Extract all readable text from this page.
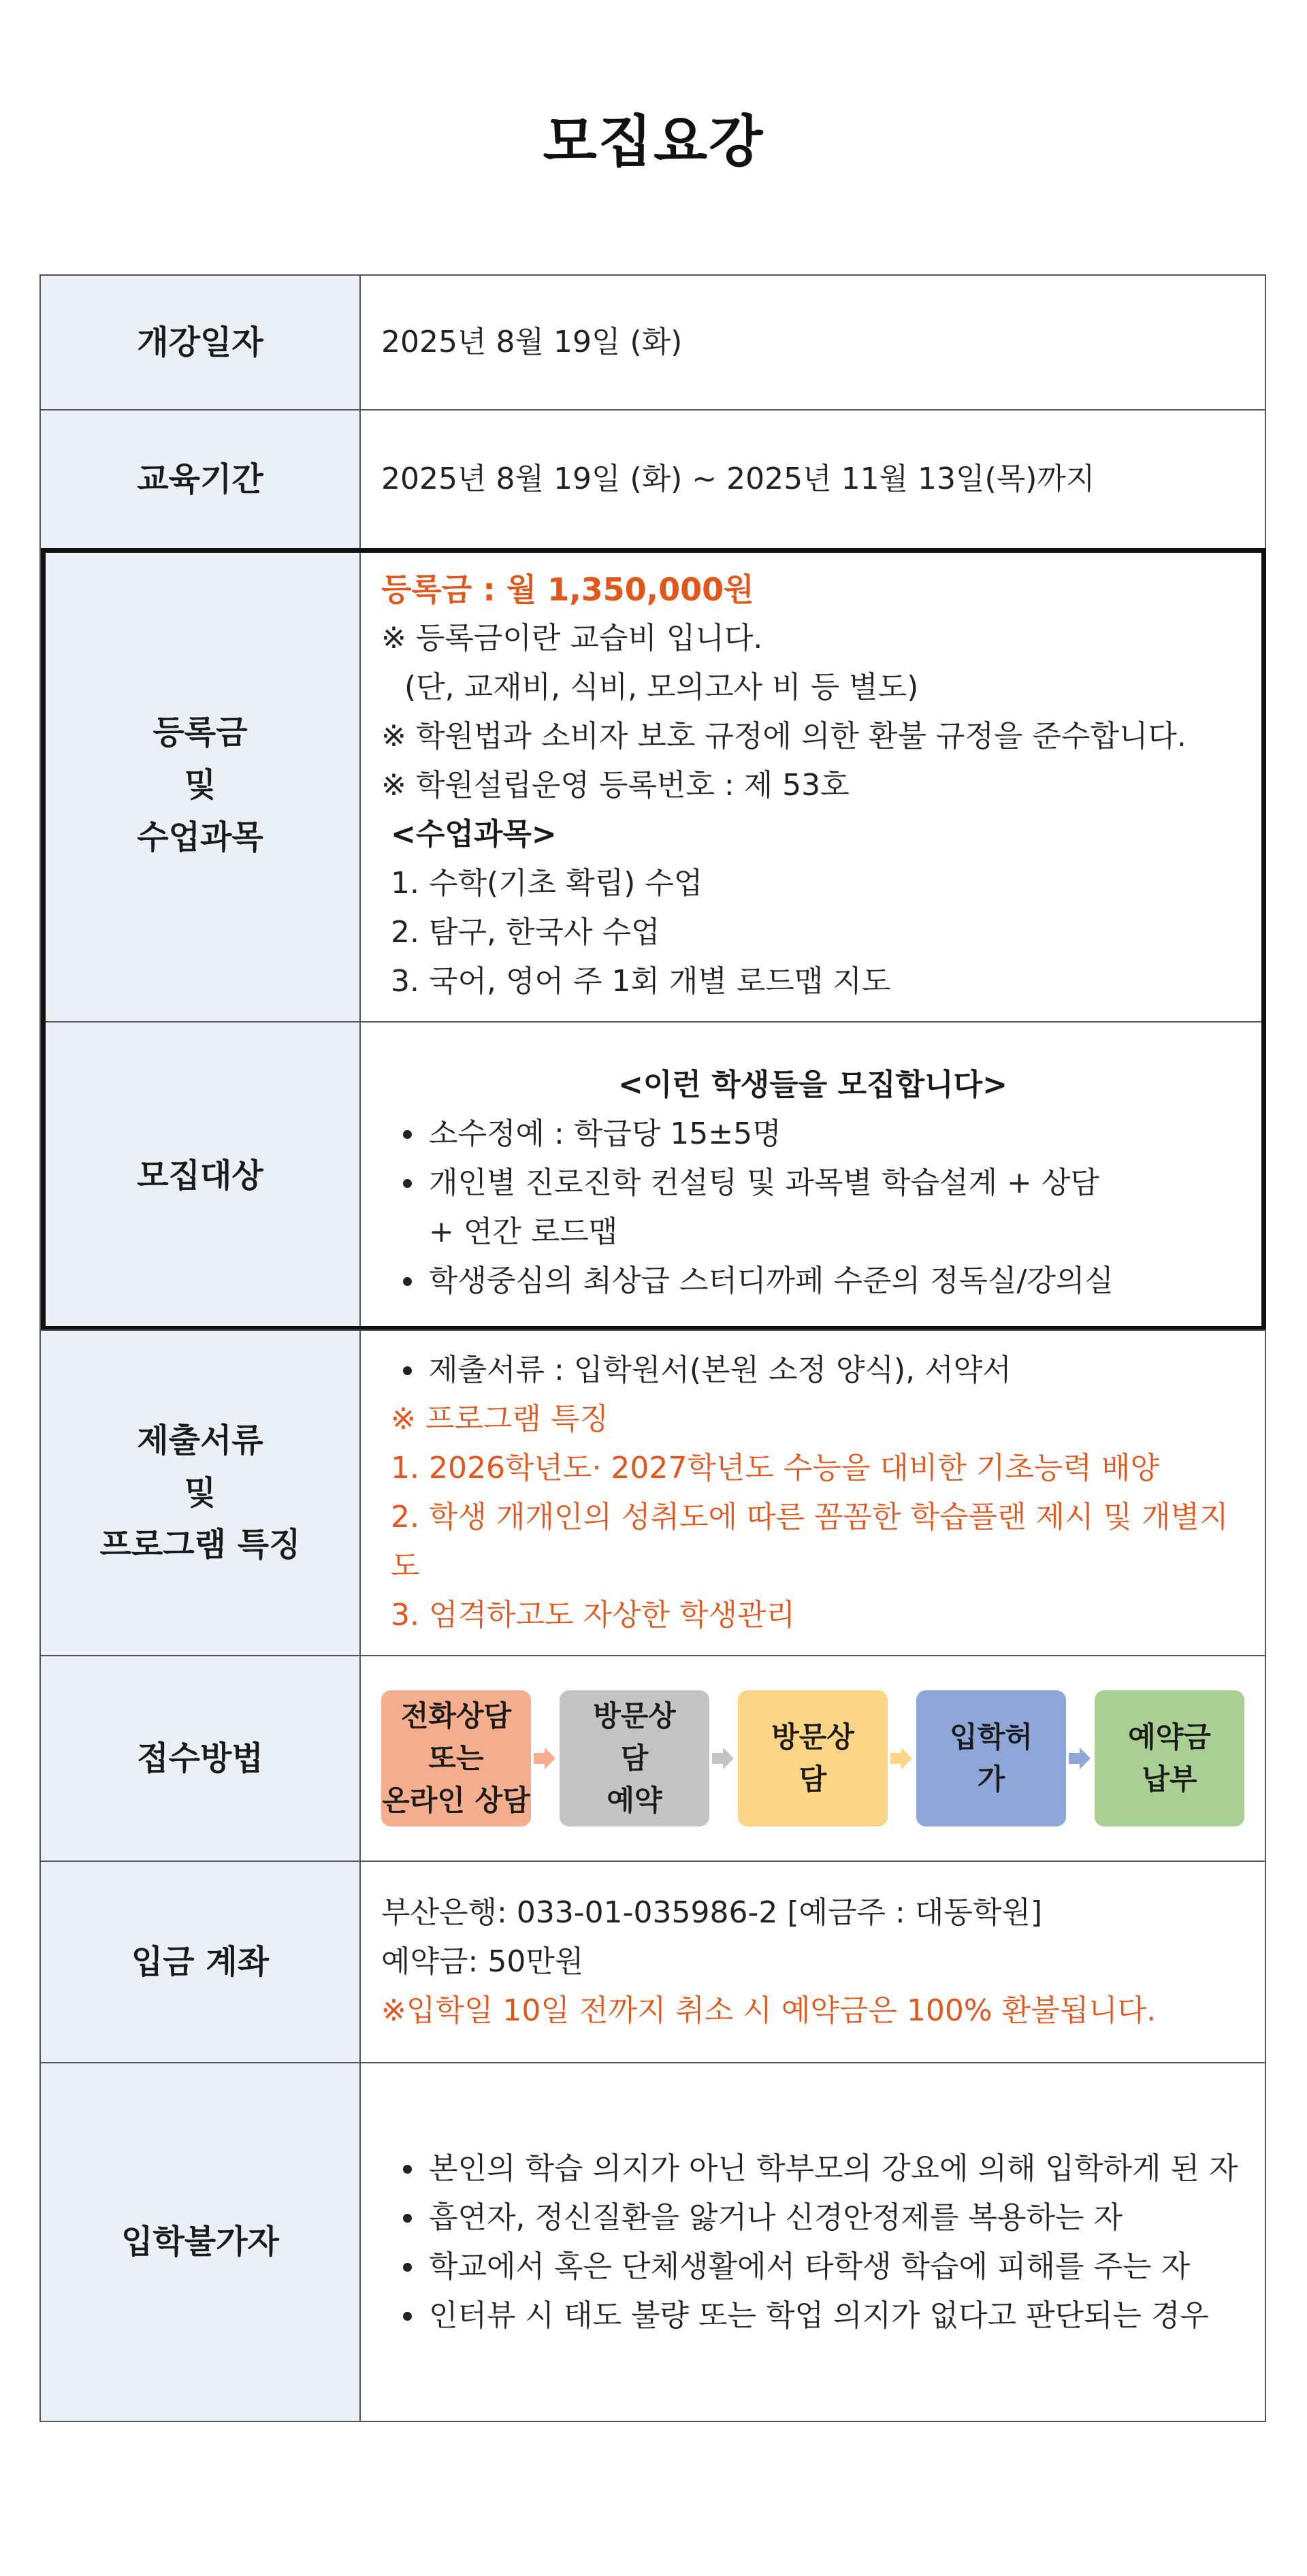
모집요강
개강일자	2025년 8월 19일 (화)
교육기간	2025년 8월 19일 (화) ~ 2025년 11월 13일(목)까지
등록금
및
수업과목
등록금 : 월 1,350,000원
※ 등록금이란 교습비 입니다.
(단, 교재비, 식비, 모의고사 비 등 별도)
※ 학원법과 소비자 보호 규정에 의한 환불 규정을 준수합니다.
※ 학원설립운영 등록번호 : 제 53호
<수업과목>
1. 수학(기초 확립) 수업
2. 탐구, 한국사 수업
3. 국어, 영어 주 1회 개별 로드맵 지도
모집대상
<이런 학생들을 모집합니다>
소수정예 : 학급당 15±5명
개인별 진로진학 컨설팅 및 과목별 학습설계 + 상담
+ 연간 로드맵
학생중심의 최상급 스터디까페 수준의 정독실/강의실
제출서류
및
프로그램 특징
제출서류 : 입학원서(본원 소정 양식), 서약서
※ 프로그램 특징
1. 2026학년도· 2027학년도 수능을 대비한 기초능력 배양
2. 학생 개개인의 성취도에 따른 꼼꼼한 학습플랜 제시 및 개별지도
3. 엄격하고도 자상한 학생관리
접수방법
전화상담
또는
온라인 상담
방문상
담
예약
방문상
담
입학허
가
예약금
납부
입금 계좌
부산은행: 033-01-035986-2 [예금주 : 대동학원]
예약금: 50만원
※입학일 10일 전까지 취소 시 예약금은 100% 환불됩니다.
입학불가자
본인의 학습 의지가 아닌 학부모의 강요에 의해 입학하게 된 자
흡연자, 정신질환을 앓거나 신경안정제를 복용하는 자
학교에서 혹은 단체생활에서 타학생 학습에 피해를 주는 자
인터뷰 시 태도 불량 또는 학업 의지가 없다고 판단되는 경우
